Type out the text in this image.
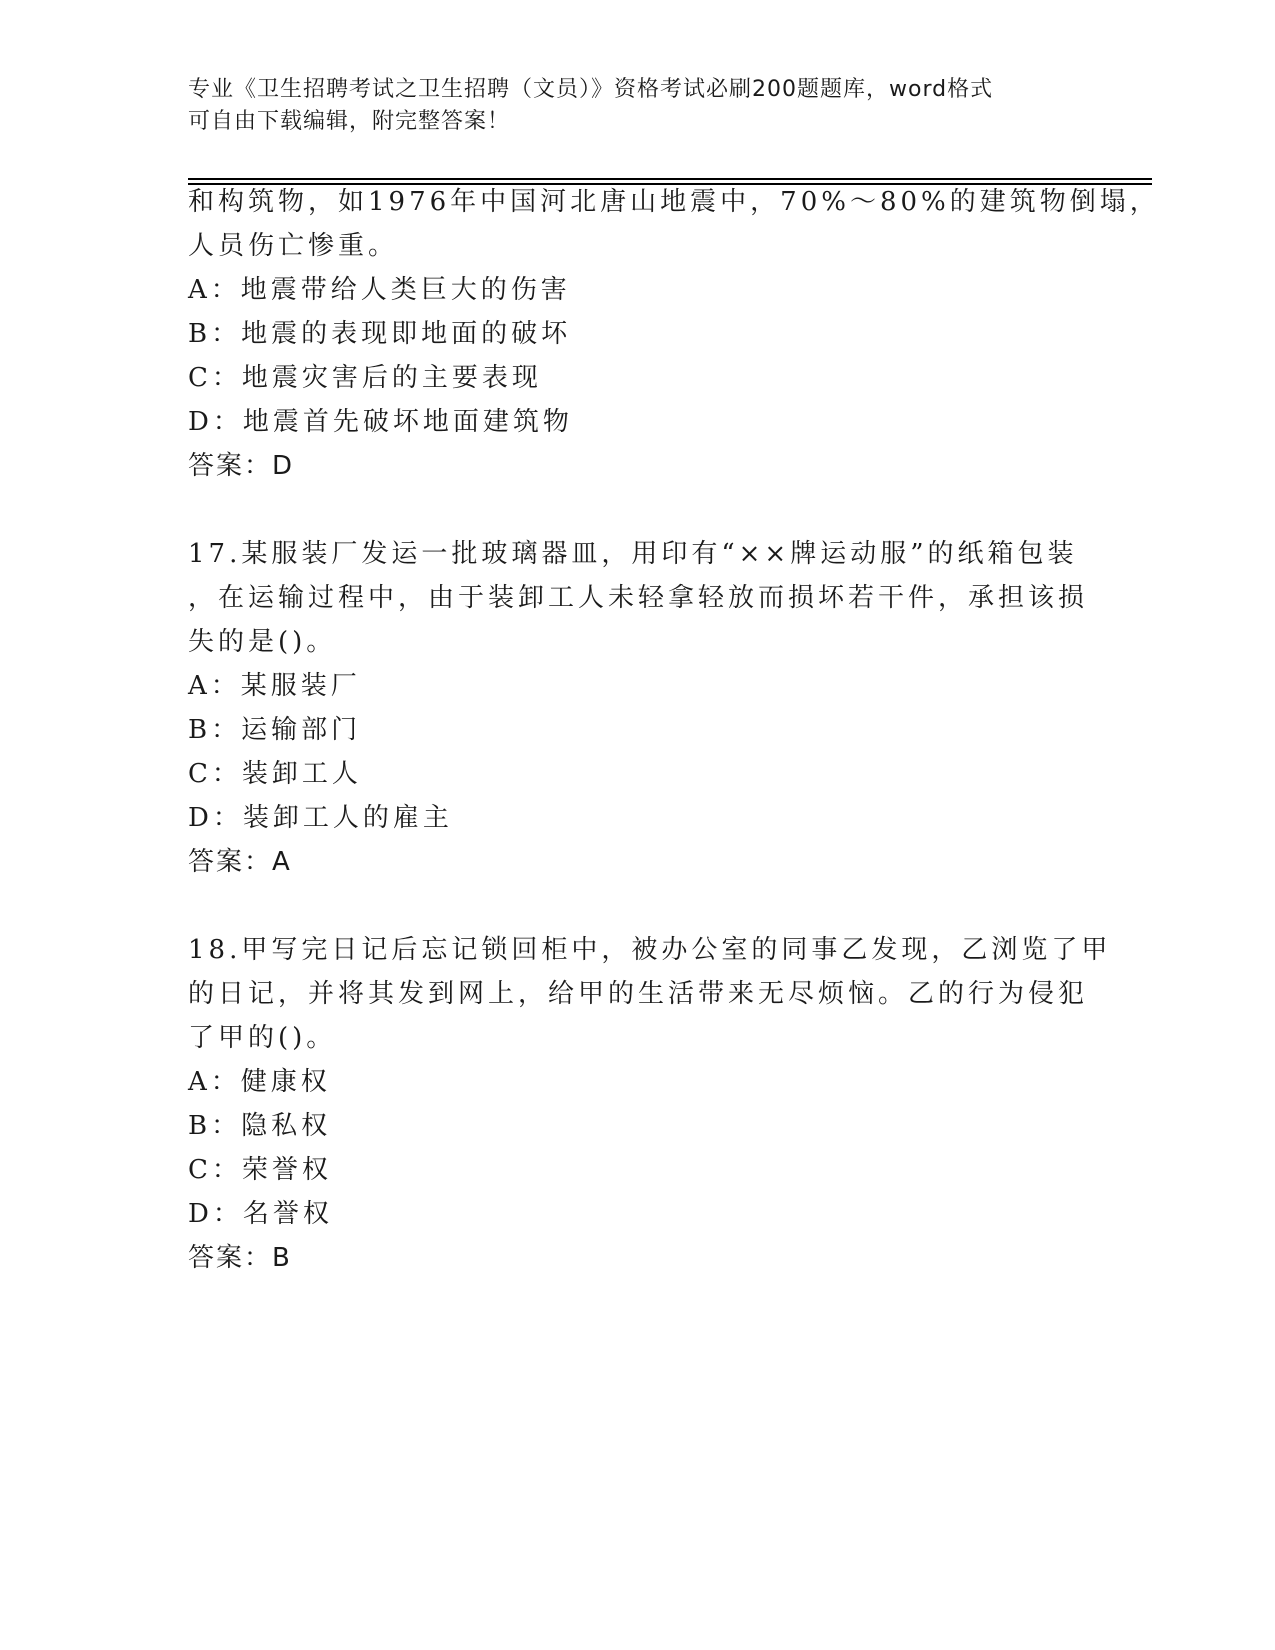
专业《卫生招聘考试之卫生招聘（文员）》资格考试必刷200题题库，word格式
可自由下载编辑，附完整答案！
和构筑物，如1976年中国河北唐山地震中，70%～80%的建筑物倒塌，
人员伤亡惨重。
A：地震带给人类巨大的伤害
B：地震的表现即地面的破坏
C：地震灾害后的主要表现
D：地震首先破坏地面建筑物
答案：D
17.某服装厂发运一批玻璃器皿，用印有“××牌运动服”的纸箱包装
，在运输过程中，由于装卸工人未轻拿轻放而损坏若干件，承担该损
失的是()。
A：某服装厂
B：运输部门
C：装卸工人
D：装卸工人的雇主
答案：A
18.甲写完日记后忘记锁回柜中，被办公室的同事乙发现，乙浏览了甲
的日记，并将其发到网上，给甲的生活带来无尽烦恼。乙的行为侵犯
了甲的()。
A：健康权
B：隐私权
C：荣誉权
D：名誉权
答案：B
